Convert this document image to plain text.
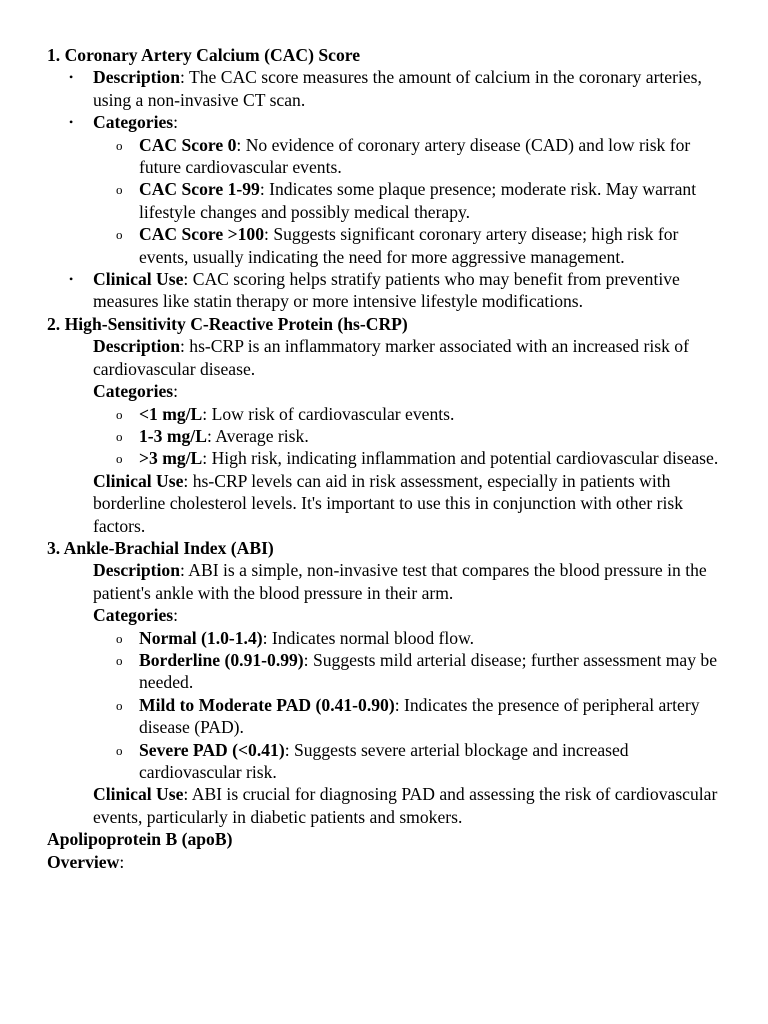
1. Coronary Artery Calcium (CAC) Score
• Description: The CAC score measures the amount of calcium in the coronary arteries, using a non-invasive CT scan.
• Categories:
o CAC Score 0: No evidence of coronary artery disease (CAD) and low risk for future cardiovascular events.
o CAC Score 1-99: Indicates some plaque presence; moderate risk. May warrant lifestyle changes and possibly medical therapy.
o CAC Score >100: Suggests significant coronary artery disease; high risk for events, usually indicating the need for more aggressive management.
• Clinical Use: CAC scoring helps stratify patients who may benefit from preventive measures like statin therapy or more intensive lifestyle modifications.
2. High-Sensitivity C-Reactive Protein (hs-CRP)
Description: hs-CRP is an inflammatory marker associated with an increased risk of cardiovascular disease.
Categories:
o <1 mg/L: Low risk of cardiovascular events.
o 1-3 mg/L: Average risk.
o >3 mg/L: High risk, indicating inflammation and potential cardiovascular disease.
Clinical Use: hs-CRP levels can aid in risk assessment, especially in patients with borderline cholesterol levels. It's important to use this in conjunction with other risk factors.
3. Ankle-Brachial Index (ABI)
Description: ABI is a simple, non-invasive test that compares the blood pressure in the patient's ankle with the blood pressure in their arm.
Categories:
o Normal (1.0-1.4): Indicates normal blood flow.
o Borderline (0.91-0.99): Suggests mild arterial disease; further assessment may be needed.
o Mild to Moderate PAD (0.41-0.90): Indicates the presence of peripheral artery disease (PAD).
o Severe PAD (<0.41): Suggests severe arterial blockage and increased cardiovascular risk.
Clinical Use: ABI is crucial for diagnosing PAD and assessing the risk of cardiovascular events, particularly in diabetic patients and smokers.
Apolipoprotein B (apoB)
Overview:
